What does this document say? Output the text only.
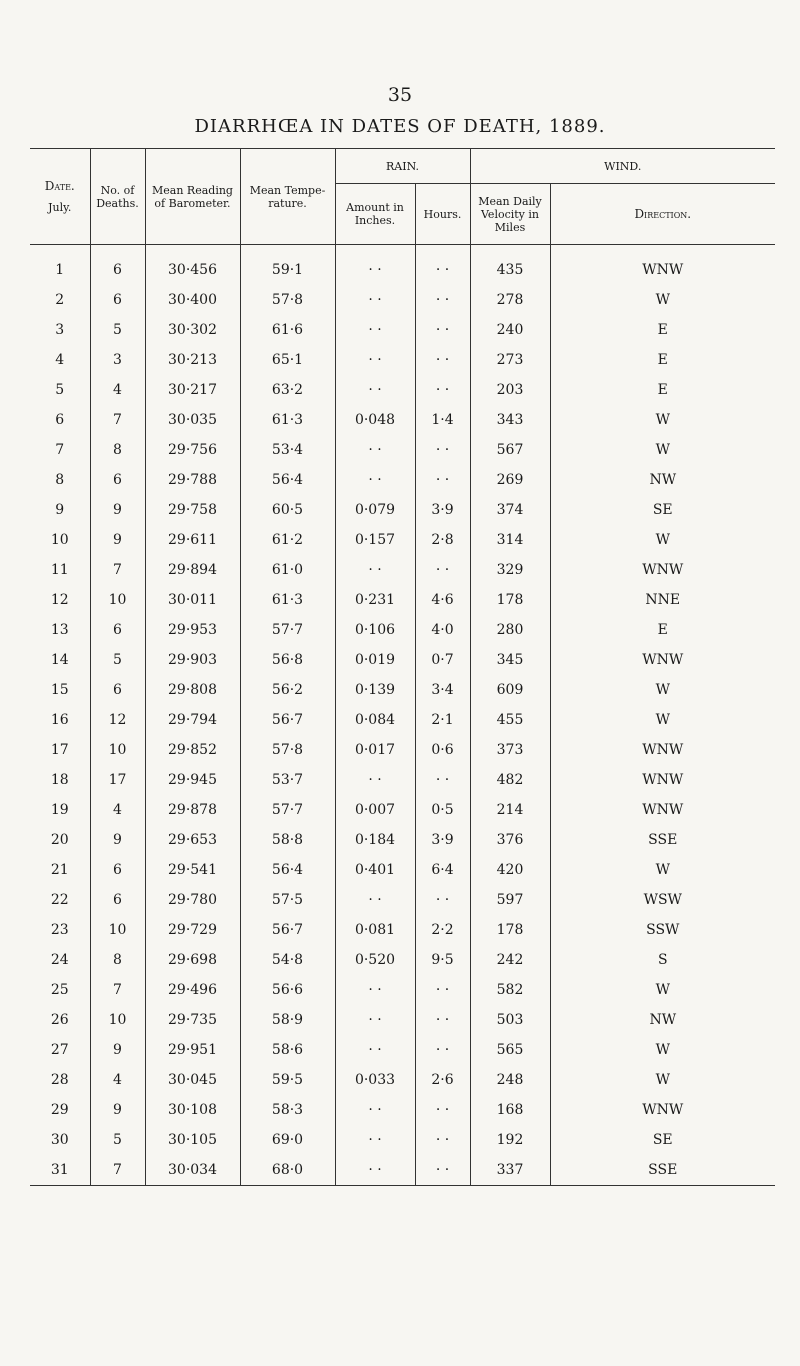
35
DIARRHŒA IN DATES OF DEATH, 1889.
Date.
July.	No. of Deaths.	Mean Reading of Barometer.	Mean Tempe- rature.	RAIN.		WIND.	
				Amount in Inches.	Hours.	Mean Daily Velocity in Miles	Direction.
1	6	30·456	59·1	· ·	· ·	435	WNW
2	6	30·400	57·8	· ·	· ·	278	W
3	5	30·302	61·6	· ·	· ·	240	E
4	3	30·213	65·1	· ·	· ·	273	E
5	4	30·217	63·2	· ·	· ·	203	E
6	7	30·035	61·3	0·048	1·4	343	W
7	8	29·756	53·4	· ·	· ·	567	W
8	6	29·788	56·4	· ·	· ·	269	NW
9	9	29·758	60·5	0·079	3·9	374	SE
10	9	29·611	61·2	0·157	2·8	314	W
11	7	29·894	61·0	· ·	· ·	329	WNW
12	10	30·011	61·3	0·231	4·6	178	NNE
13	6	29·953	57·7	0·106	4·0	280	E
14	5	29·903	56·8	0·019	0·7	345	WNW
15	6	29·808	56·2	0·139	3·4	609	W
16	12	29·794	56·7	0·084	2·1	455	W
17	10	29·852	57·8	0·017	0·6	373	WNW
18	17	29·945	53·7	· ·	· ·	482	WNW
19	4	29·878	57·7	0·007	0·5	214	WNW
20	9	29·653	58·8	0·184	3·9	376	SSE
21	6	29·541	56·4	0·401	6·4	420	W
22	6	29·780	57·5	· ·	· ·	597	WSW
23	10	29·729	56·7	0·081	2·2	178	SSW
24	8	29·698	54·8	0·520	9·5	242	S
25	7	29·496	56·6	· ·	· ·	582	W
26	10	29·735	58·9	· ·	· ·	503	NW
27	9	29·951	58·6	· ·	· ·	565	W
28	4	30·045	59·5	0·033	2·6	248	W
29	9	30·108	58·3	· ·	· ·	168	WNW
30	5	30·105	69·0	· ·	· ·	192	SE
31	7	30·034	68·0	· ·	· ·	337	SSE
